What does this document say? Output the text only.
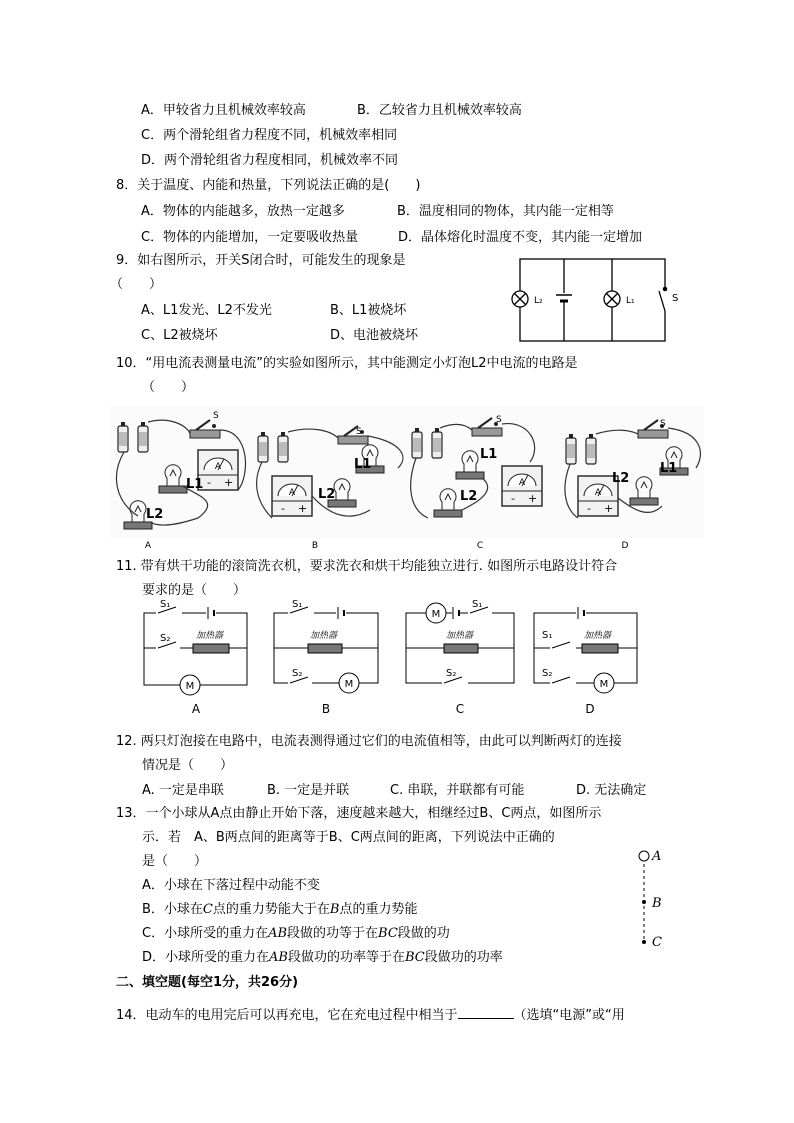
A．甲较省力且机械效率较高	B．乙较省力且机械效率较高
C．两个滑轮组省力程度不同，机械效率相同
D．两个滑轮组省力程度相同，机械效率不同
8．关于温度、内能和热量，下列说法正确的是(　　)
A．物体的内能越多，放热一定越多	B．温度相同的物体，其内能一定相等
C．物体的内能增加，一定要吸收热量	D．晶体熔化时温度不变，其内能一定增加
9．如右图所示，开关S闭合时，可能发生的现象是
（　　）
A、L1发光、L2不发光	B、L1被烧坏
C、L2被烧坏	D、电池被烧坏
L₂	L₁	S
10．“用电流表测量电流”的实验如图所示，其中能测定小灯泡L2中电流的电路是
（　　）
L1
L2
S
A
L1
L2
S
B
L1
L2
S
C
L1
L2
S
D
11. 带有烘干功能的滚筒洗衣机，要求洗衣和烘干均能独立进行. 如图所示电路设计符合
要求的是（　　）
S₁
S₂	加热器
M
S₁
加热器
S₂
M
M
S₁
加热器
S₂
S₁	加热器
S₂
M
A	B	C	D
12. 两只灯泡接在电路中，电流表测得通过它们的电流值相等，由此可以判断两灯的连接
情况是（　　）
A. 一定是串联	B. 一定是并联	C. 串联，并联都有可能	D. 无法确定
13．一个小球从A点由静止开始下落，速度越来越大，相继经过B、C两点，如图所示
示．若　A、B两点间的距离等于B、C两点间的距离，下列说法中正确的
是（　　）
A．小球在下落过程中动能不变
B．小球在C点的重力势能大于在B点的重力势能
C．小球所受的重力在AB段做的功等于在BC段做的功
D．小球所受的重力在AB段做功的功率等于在BC段做功的功率
A
B
C
二、填空题(每空1分，共26分)
14．电动车的电用完后可以再充电，它在充电过程中相当于	（选填“电源”或“用
